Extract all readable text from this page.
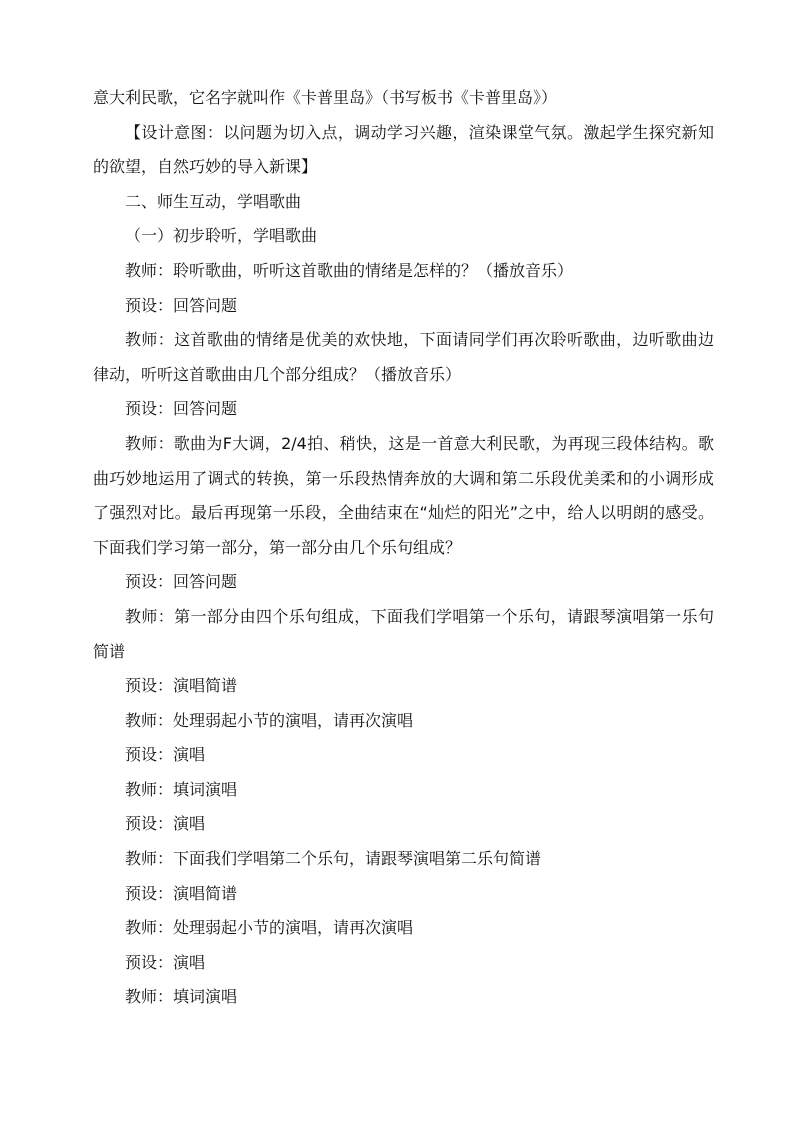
意大利民歌，它名字就叫作《卡普里岛》（书写板书《卡普里岛》）

【设计意图：以问题为切入点，调动学习兴趣，渲染课堂气氛。激起学生探究新知的欲望，自然巧妙的导入新课】

二、师生互动，学唱歌曲

（一）初步聆听，学唱歌曲

教师：聆听歌曲，听听这首歌曲的情绪是怎样的？（播放音乐）

预设：回答问题

教师：这首歌曲的情绪是优美的欢快地，下面请同学们再次聆听歌曲，边听歌曲边律动，听听这首歌曲由几个部分组成？（播放音乐）

预设：回答问题

教师：歌曲为F大调，2/4拍、稍快，这是一首意大利民歌，为再现三段体结构。歌曲巧妙地运用了调式的转换，第一乐段热情奔放的大调和第二乐段优美柔和的小调形成了强烈对比。最后再现第一乐段，全曲结束在“灿烂的阳光”之中，给人以明朗的感受。下面我们学习第一部分，第一部分由几个乐句组成？

预设：回答问题

教师：第一部分由四个乐句组成，下面我们学唱第一个乐句，请跟琴演唱第一乐句简谱

预设：演唱简谱

教师：处理弱起小节的演唱，请再次演唱

预设：演唱

教师：填词演唱

预设：演唱

教师：下面我们学唱第二个乐句，请跟琴演唱第二乐句简谱

预设：演唱简谱

教师：处理弱起小节的演唱，请再次演唱

预设：演唱

教师：填词演唱
